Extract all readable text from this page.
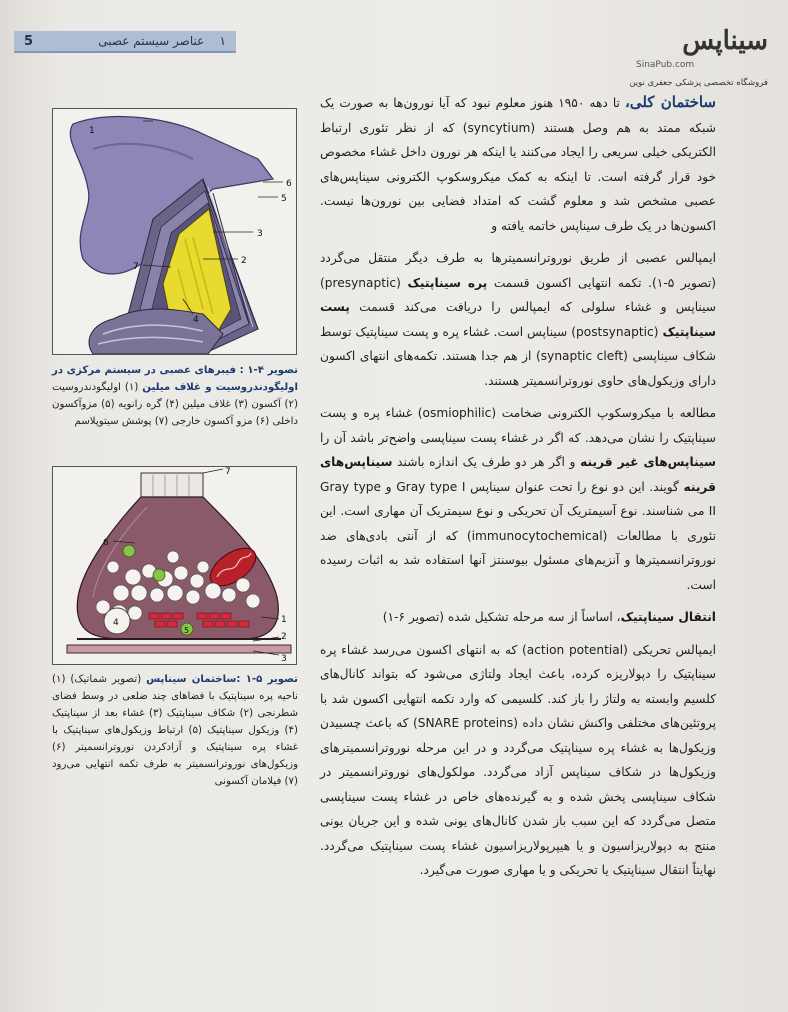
۱    عناصر سیستم عصبی
5	سیناپس
SinaPub.com
فروشگاه تخصصی پزشکی جعفری نوین
1
2
3
4
5
6
7
تصویر ۴-۱ : فیبرهای عصبی در سیستم مرکزی در اولیگودندروسیت و غلاف میلین (۱) اولیگودندروسیت (۲) آکسون (۳) غلاف میلین (۴) گره رانویه (۵) مزوآکسون داخلی (۶) مزو آکسون خارجی (۷) پوشش سیتوپلاسم
7
6
4
5
1
2
3
تصویر ۵-۱ :ساختمان سیناپس (تصویر شماتیک) (۱) ناحیه پره سیناپتیک با فضاهای چند ضلعی در وسط فضای شطرنجی (۲) شکاف سیناپتیک (۳) غشاء بعد از سیناپتیک (۴) وزیکول سیناپتیک (۵) ارتباط وزیکول‌های سیناپتیک با غشاء پره سیناپتیک و آزادکردن نوروترانسمیتر (۶) وزیکول‌های نوروترانسمیتر به طرف تکمه انتهایی می‌رود (۷) فیلامان آکسونی

ساختمان کلی، تا دهه ۱۹۵۰ هنوز معلوم نبود که آیا نورون‌ها به صورت یک شبکه ممتد به هم وصل هستند (syncytium) که از نظر تئوری ارتباط الکتریکی خیلی سریعی را ایجاد می‌کنند یا اینکه هر نورون داخل غشاء مخصوص خود قرار گرفته است. تا اینکه به کمک میکروسکوپ الکترونی سیناپس‌های عصبی مشخص شد و معلوم گشت که امتداد فضایی بین نورون‌ها نیست. اکسون‌ها در یک طرف سیناپس خاتمه یافته و

ایمپالس عصبی از طریق نوروترانسمیترها به طرف دیگر منتقل می‌گردد (تصویر ۵-۱). تکمه انتهایی اکسون قسمت پره سیناپتیک (presynaptic) سیناپس و غشاء سلولی که ایمپالس را دریافت می‌کند قسمت پست سیناپتیک (postsynaptic) سیناپس است. غشاء پره و پست سیناپتیک توسط شکاف سیناپسی (synaptic cleft) از هم جدا هستند. تکمه‌های انتهای اکسون دارای وزیکول‌های حاوی نوروترانسمیتر هستند.

مطالعه با میکروسکوپ الکترونی ضخامت (osmiophilic) غشاء پره و پست سیناپتیک را نشان می‌دهد. که اگر در غشاء پست سیناپسی واضح‌تر باشد آن را سیناپس‌های غیر قرینه و اگر هر دو طرف یک اندازه باشند سیناپس‌های قرینه گویند. این دو نوع را تحت عنوان سیناپس Gray type I و Gray type II می شناسند. نوع آسیمتریک آن تحریکی و نوع سیمتریک آن مهاری است. این تئوری با مطالعات (immunocytochemical) که از آنتی بادی‌های ضد نوروترانسمیترها و آنزیم‌های مسئول بیوسنتز آنها استفاده شد به اثبات رسیده است.

انتقال سیناپتیک، اساساً از سه مرحله تشکیل شده (تصویر ۶-۱)

ایمپالس تحریکی (action potential) که به انتهای اکسون می‌رسد غشاء پره سیناپتیک را دپولاریزه کرده، باعث ایجاد ولتاژی می‌شود که بتواند کانال‌های کلسیم وابسته به ولتاژ را باز کند. کلسیمی که وارد تکمه انتهایی اکسون شد با پروتئین‌های مختلفی واکنش نشان داده (SNARE proteins) که باعث چسبیدن وزیکول‌ها به غشاء پره سیناپتیک می‌گردد و در این مرحله نوروترانسمیترهای وزیکول‌ها در شکاف سیناپس آزاد می‌گردد. مولکول‌های نوروترانسمیتر در شکاف سیناپسی پخش شده و به گیرنده‌های خاص در غشاء پست سیناپسی متصل می‌گردد که این سبب باز شدن کانال‌های یونی شده و این جریان یونی منتج به دپولاریزاسیون و یا هیپرپولاریزاسیون غشاء پست سیناپتیک می‌گردد. نهایتاً انتقال سیناپتیک یا تحریکی و یا مهاری صورت می‌گیرد.
